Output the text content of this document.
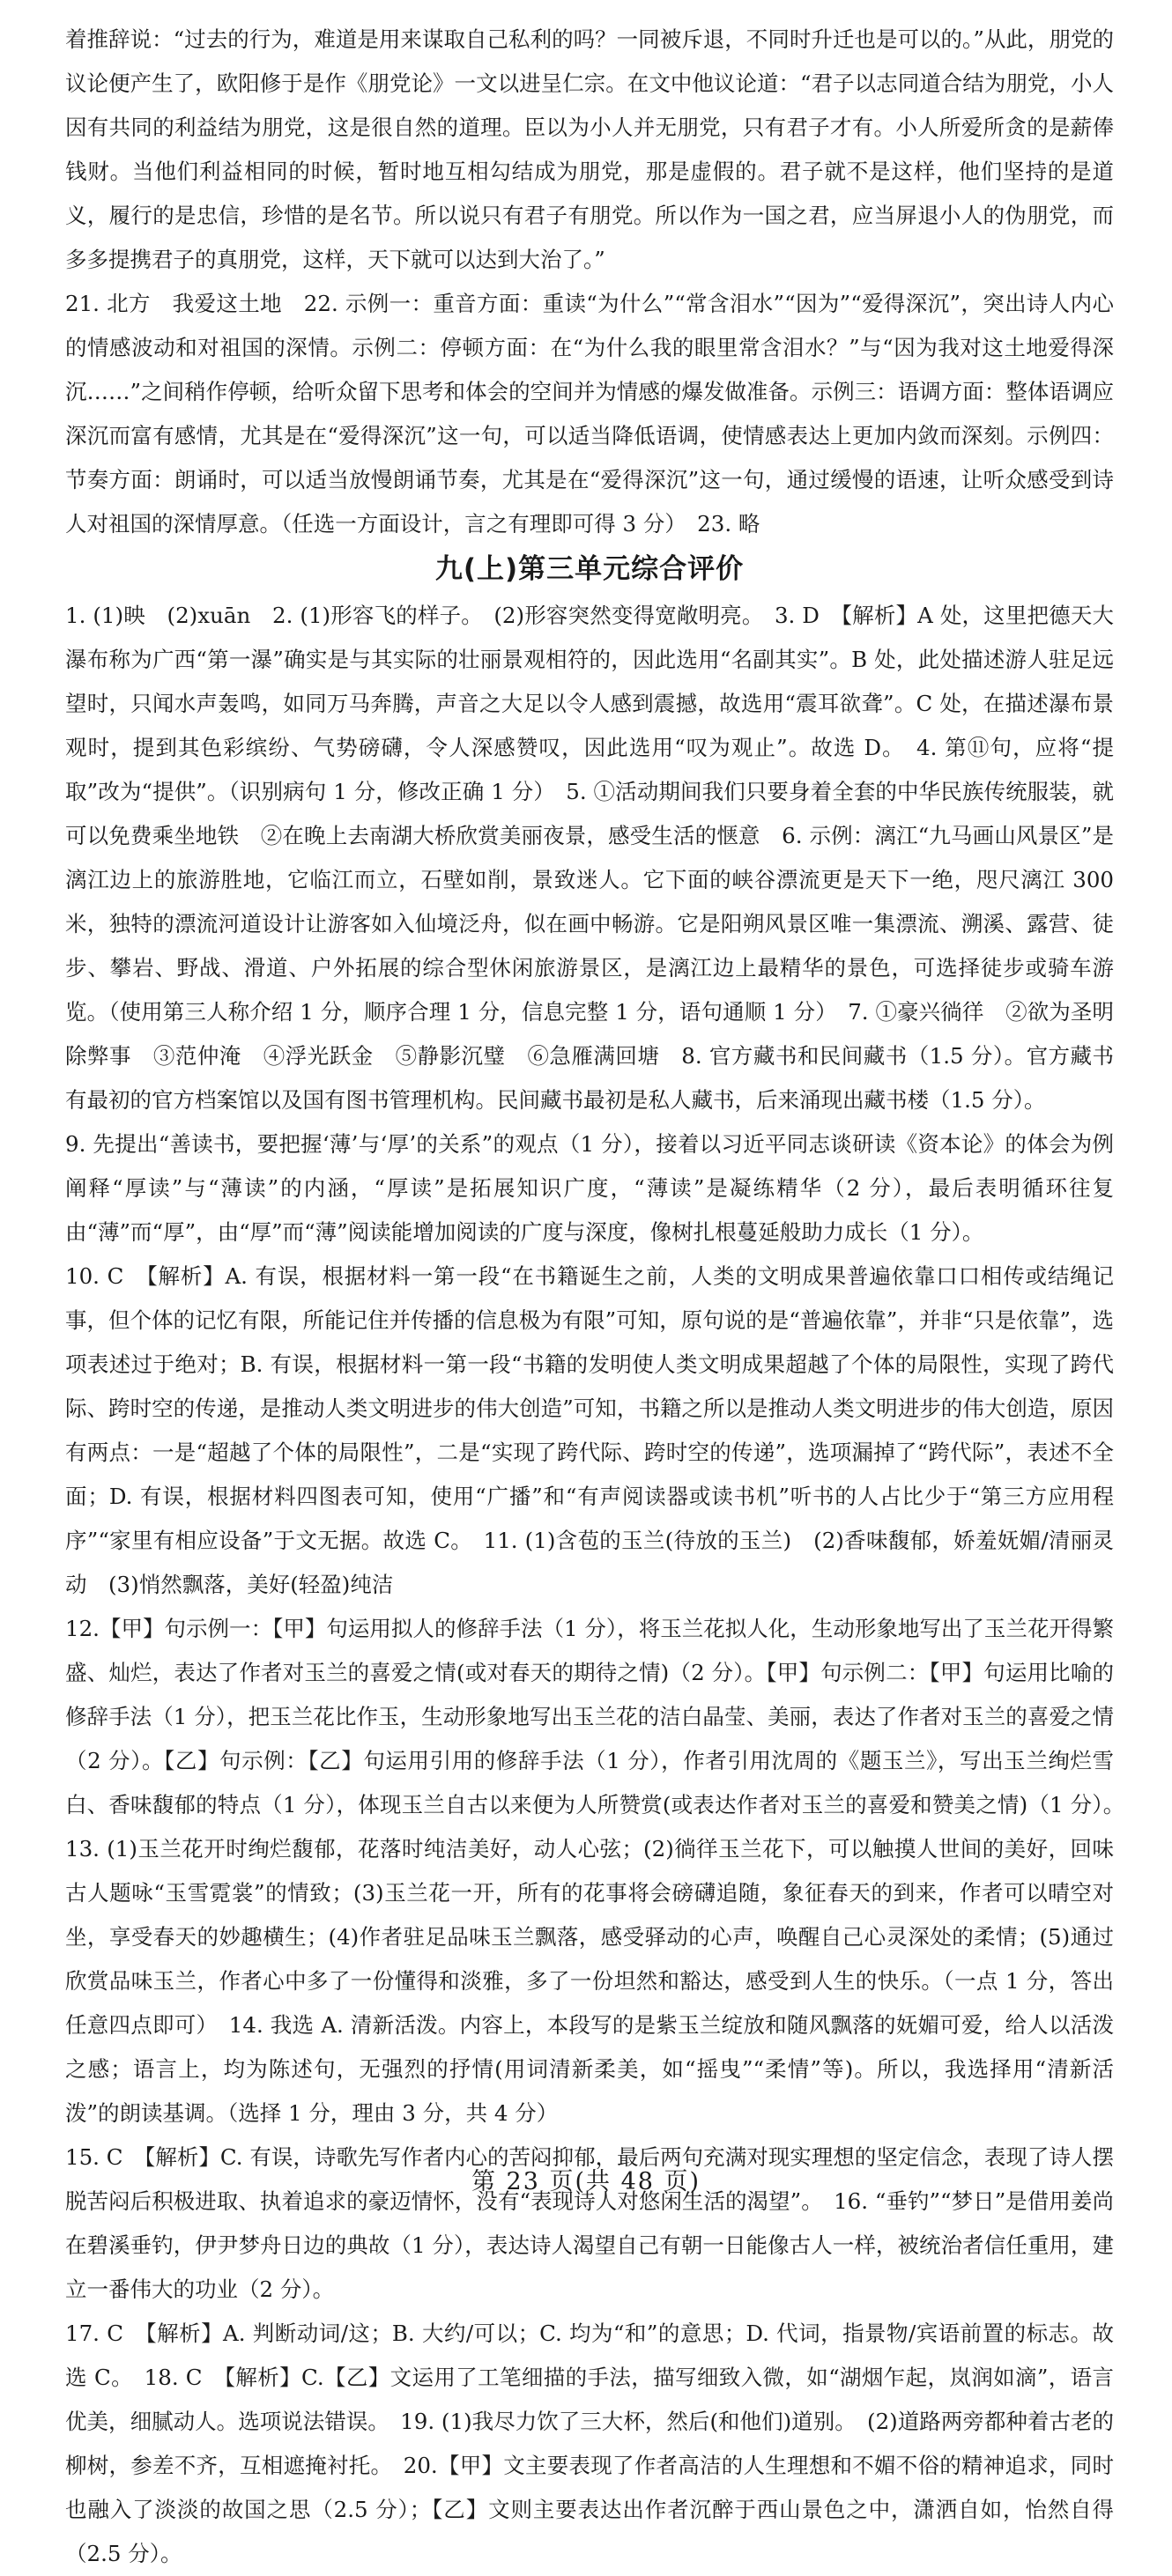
着推辞说：“过去的行为，难道是用来谋取自己私利的吗？一同被斥退，不同时升迁也是可以的。”从此，朋党的议论便产生了，欧阳修于是作《朋党论》一文以进呈仁宗。在文中他议论道：“君子以志同道合结为朋党，小人因有共同的利益结为朋党，这是很自然的道理。臣以为小人并无朋党，只有君子才有。小人所爱所贪的是薪俸钱财。当他们利益相同的时候，暂时地互相勾结成为朋党，那是虚假的。君子就不是这样，他们坚持的是道义，履行的是忠信，珍惜的是名节。所以说只有君子有朋党。所以作为一国之君，应当屏退小人的伪朋党，而多多提携君子的真朋党，这样，天下就可以达到大治了。”

21. 北方　我爱这土地　22. 示例一：重音方面：重读“为什么”“常含泪水”“因为”“爱得深沉”，突出诗人内心的情感波动和对祖国的深情。示例二：停顿方面：在“为什么我的眼里常含泪水？”与“因为我对这土地爱得深沉……”之间稍作停顿，给听众留下思考和体会的空间并为情感的爆发做准备。示例三：语调方面：整体语调应深沉而富有感情，尤其是在“爱得深沉”这一句，可以适当降低语调，使情感表达上更加内敛而深刻。示例四：节奏方面：朗诵时，可以适当放慢朗诵节奏，尤其是在“爱得深沉”这一句，通过缓慢的语速，让听众感受到诗人对祖国的深情厚意。（任选一方面设计，言之有理即可得 3 分）　23. 略

九(上)第三单元综合评价

1. (1)映　(2)xuān　2. (1)形容飞的样子。　(2)形容突然变得宽敞明亮。　3. D　【解析】A 处，这里把德天大瀑布称为广西“第一瀑”确实是与其实际的壮丽景观相符的，因此选用“名副其实”。B 处，此处描述游人驻足远望时，只闻水声轰鸣，如同万马奔腾，声音之大足以令人感到震撼，故选用“震耳欲聋”。C 处，在描述瀑布景观时，提到其色彩缤纷、气势磅礴，令人深感赞叹，因此选用“叹为观止”。故选 D。　4. 第⑪句，应将“提取”改为“提供”。（识别病句 1 分，修改正确 1 分）　5. ①活动期间我们只要身着全套的中华民族传统服装，就可以免费乘坐地铁　②在晚上去南湖大桥欣赏美丽夜景，感受生活的惬意　6. 示例：漓江“九马画山风景区”是漓江边上的旅游胜地，它临江而立，石壁如削，景致迷人。它下面的峡谷漂流更是天下一绝，咫尺漓江 300 米，独特的漂流河道设计让游客如入仙境泛舟，似在画中畅游。它是阳朔风景区唯一集漂流、溯溪、露营、徒步、攀岩、野战、滑道、户外拓展的综合型休闲旅游景区，是漓江边上最精华的景色，可选择徒步或骑车游览。（使用第三人称介绍 1 分，顺序合理 1 分，信息完整 1 分，语句通顺 1 分）　7. ①豪兴徜徉　②欲为圣明除弊事　③范仲淹　④浮光跃金　⑤静影沉璧　⑥急雁满回塘　8. 官方藏书和民间藏书（1.5 分）。官方藏书有最初的官方档案馆以及国有图书管理机构。民间藏书最初是私人藏书，后来涌现出藏书楼（1.5 分）。

9. 先提出“善读书，要把握‘薄’与‘厚’的关系”的观点（1 分），接着以习近平同志谈研读《资本论》的体会为例阐释“厚读”与“薄读”的内涵，“厚读”是拓展知识广度，“薄读”是凝练精华（2 分），最后表明循环往复由“薄”而“厚”，由“厚”而“薄”阅读能增加阅读的广度与深度，像树扎根蔓延般助力成长（1 分）。

10. C　【解析】A. 有误，根据材料一第一段“在书籍诞生之前，人类的文明成果普遍依靠口口相传或结绳记事，但个体的记忆有限，所能记住并传播的信息极为有限”可知，原句说的是“普遍依靠”，并非“只是依靠”，选项表述过于绝对；B. 有误，根据材料一第一段“书籍的发明使人类文明成果超越了个体的局限性，实现了跨代际、跨时空的传递，是推动人类文明进步的伟大创造”可知，书籍之所以是推动人类文明进步的伟大创造，原因有两点：一是“超越了个体的局限性”，二是“实现了跨代际、跨时空的传递”，选项漏掉了“跨代际”，表述不全面；D. 有误，根据材料四图表可知，使用“广播”和“有声阅读器或读书机”听书的人占比少于“第三方应用程序”“家里有相应设备”于文无据。故选 C。　11. (1)含苞的玉兰(待放的玉兰)　(2)香味馥郁，娇羞妩媚/清丽灵动　(3)悄然飘落，美好(轻盈)纯洁

12.【甲】句示例一：【甲】句运用拟人的修辞手法（1 分），将玉兰花拟人化，生动形象地写出了玉兰花开得繁盛、灿烂，表达了作者对玉兰的喜爱之情(或对春天的期待之情)（2 分）。【甲】句示例二：【甲】句运用比喻的修辞手法（1 分），把玉兰花比作玉，生动形象地写出玉兰花的洁白晶莹、美丽，表达了作者对玉兰的喜爱之情（2 分）。【乙】句示例：【乙】句运用引用的修辞手法（1 分），作者引用沈周的《题玉兰》，写出玉兰绚烂雪白、香味馥郁的特点（1 分），体现玉兰自古以来便为人所赞赏(或表达作者对玉兰的喜爱和赞美之情)（1 分）。　13. (1)玉兰花开时绚烂馥郁，花落时纯洁美好，动人心弦；(2)徜徉玉兰花下，可以触摸人世间的美好，回味古人题咏“玉雪霓裳”的情致；(3)玉兰花一开，所有的花事将会磅礴追随，象征春天的到来，作者可以晴空对坐，享受春天的妙趣横生；(4)作者驻足品味玉兰飘落，感受驿动的心声，唤醒自己心灵深处的柔情；(5)通过欣赏品味玉兰，作者心中多了一份懂得和淡雅，多了一份坦然和豁达，感受到人生的快乐。（一点 1 分，答出任意四点即可）　14. 我选 A. 清新活泼。内容上，本段写的是紫玉兰绽放和随风飘落的妩媚可爱，给人以活泼之感；语言上，均为陈述句，无强烈的抒情(用词清新柔美，如“摇曳”“柔情”等)。所以，我选择用“清新活泼”的朗读基调。（选择 1 分，理由 3 分，共 4 分）

15. C　【解析】C. 有误，诗歌先写作者内心的苦闷抑郁，最后两句充满对现实理想的坚定信念，表现了诗人摆脱苦闷后积极进取、执着追求的豪迈情怀，没有“表现诗人对悠闲生活的渴望”。　16. “垂钓”“梦日”是借用姜尚在碧溪垂钓，伊尹梦舟日边的典故（1 分），表达诗人渴望自己有朝一日能像古人一样，被统治者信任重用，建立一番伟大的功业（2 分）。

17. C　【解析】A. 判断动词/这；B. 大约/可以；C. 均为“和”的意思；D. 代词，指景物/宾语前置的标志。故选 C。　18. C　【解析】C.【乙】文运用了工笔细描的手法，描写细致入微，如“湖烟乍起，岚润如滴”，语言优美，细腻动人。选项说法错误。　19. (1)我尽力饮了三大杯，然后(和他们)道别。　(2)道路两旁都种着古老的柳树，参差不齐，互相遮掩衬托。　20.【甲】文主要表现了作者高洁的人生理想和不媚不俗的精神追求，同时也融入了淡淡的故国之思（2.5 分）；【乙】文则主要表达出作者沉醉于西山景色之中，潇洒自如，怡然自得（2.5 分）。

第 23 页(共 48 页)
